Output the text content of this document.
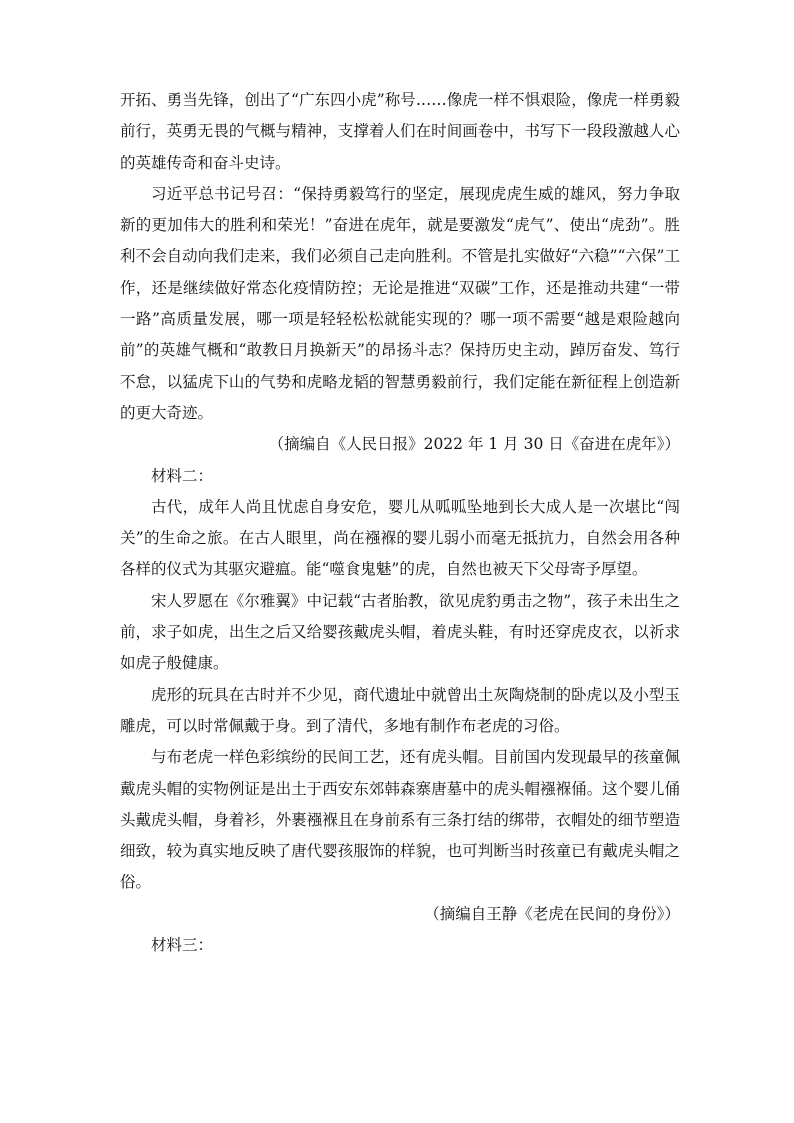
开拓、勇当先锋，创出了“广东四小虎”称号……像虎一样不惧艰险，像虎一样勇毅前行，英勇无畏的气概与精神，支撑着人们在时间画卷中，书写下一段段激越人心的英雄传奇和奋斗史诗。

习近平总书记号召：“保持勇毅笃行的坚定，展现虎虎生威的雄风，努力争取新的更加伟大的胜利和荣光！”奋进在虎年，就是要激发“虎气”、使出“虎劲”。胜利不会自动向我们走来，我们必须自己走向胜利。不管是扎实做好“六稳”“六保”工作，还是继续做好常态化疫情防控；无论是推进“双碳”工作，还是推动共建“一带一路”高质量发展，哪一项是轻轻松松就能实现的？哪一项不需要“越是艰险越向前”的英雄气概和“敢教日月换新天”的昂扬斗志？保持历史主动，踔厉奋发、笃行不怠，以猛虎下山的气势和虎略龙韬的智慧勇毅前行，我们定能在新征程上创造新的更大奇迹。

（摘编自《人民日报》2022 年 1 月 30 日《奋进在虎年》）

材料二：

古代，成年人尚且忧虑自身安危，婴儿从呱呱坠地到长大成人是一次堪比“闯关”的生命之旅。在古人眼里，尚在襁褓的婴儿弱小而毫无抵抗力，自然会用各种各样的仪式为其驱灾避瘟。能“噬食鬼魅”的虎，自然也被天下父母寄予厚望。

宋人罗愿在《尔雅翼》中记载“古者胎教，欲见虎豹勇击之物”，孩子未出生之前，求子如虎，出生之后又给婴孩戴虎头帽，着虎头鞋，有时还穿虎皮衣，以祈求如虎子般健康。

虎形的玩具在古时并不少见，商代遗址中就曾出土灰陶烧制的卧虎以及小型玉雕虎，可以时常佩戴于身。到了清代，多地有制作布老虎的习俗。

与布老虎一样色彩缤纷的民间工艺，还有虎头帽。目前国内发现最早的孩童佩戴虎头帽的实物例证是出土于西安东郊韩森寨唐墓中的虎头帽襁褓俑。这个婴儿俑头戴虎头帽，身着衫，外裹襁褓且在身前系有三条打结的绑带，衣帽处的细节塑造细致，较为真实地反映了唐代婴孩服饰的样貌，也可判断当时孩童已有戴虎头帽之俗。

（摘编自王静《老虎在民间的身份》）

材料三：
